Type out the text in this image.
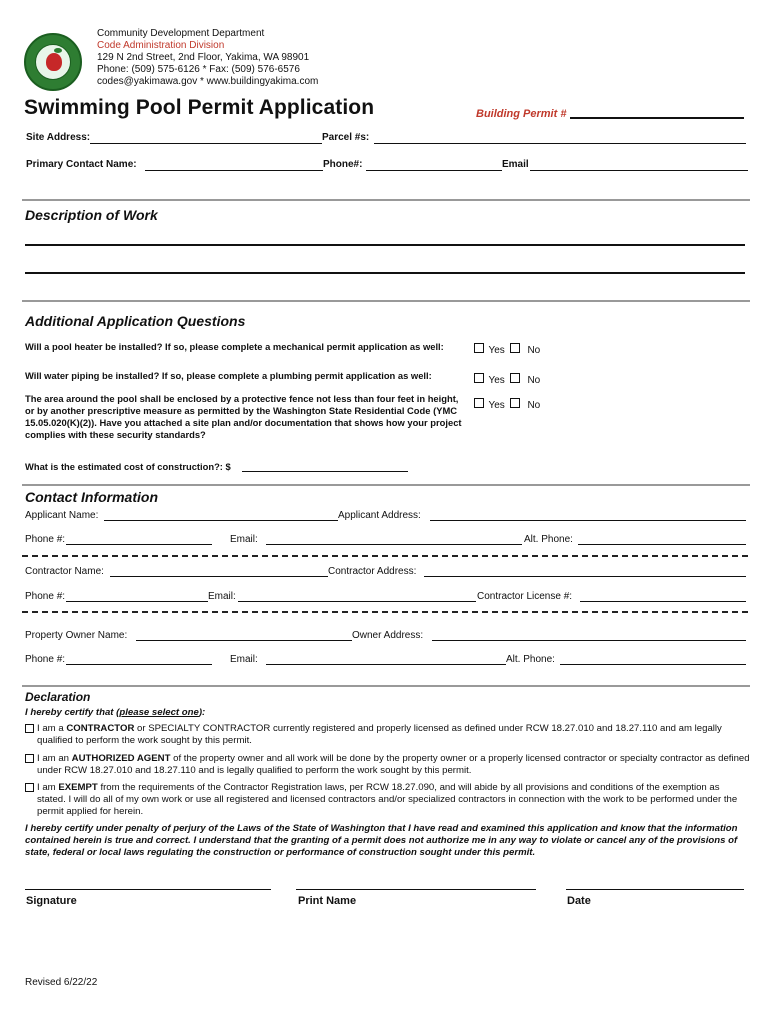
Community Development Department
Code Administration Division
129 N 2nd Street, 2nd Floor, Yakima, WA 98901
Phone: (509) 575-6126 * Fax: (509) 576-6576
codes@yakimawa.gov * www.buildingyakima.com
Swimming Pool Permit Application	Building Permit #
Site Address:	Parcel #s:
Primary Contact Name:	Phone#:	Email
Description of Work
Additional Application Questions
Will a pool heater be installed? If so, please complete a mechanical permit application as well:	Yes	No
Will water piping be installed? If so, please complete a plumbing permit application as well:	Yes	No
The area around the pool shall be enclosed by a protective fence not less than four feet in height, or by another prescriptive measure as permitted by the Washington State Residential Code (YMC 15.05.020(K)(2)). Have you attached a site plan and/or documentation that shows how your project complies with these security standards?
Yes	No
What is the estimated cost of construction?: $
Contact Information
Applicant Name:	Applicant Address:
Phone #:	Email:	Alt. Phone:
Contractor Name:	Contractor Address:
Phone #:	Email:	Contractor License #:
Property Owner Name:	Owner Address:
Phone #:	Email:	Alt. Phone:
Declaration
I hereby certify that (please select one):
I am a CONTRACTOR or SPECIALTY CONTRACTOR currently registered and properly licensed as defined under RCW 18.27.010 and 18.27.110 and am legally qualified to perform the work sought by this permit.
I am an AUTHORIZED AGENT of the property owner and all work will be done by the property owner or a properly licensed contractor or specialty contractor as defined under RCW 18.27.010 and 18.27.110 and is legally qualified to perform the work sought by this permit.
I am EXEMPT from the requirements of the Contractor Registration laws, per RCW 18.27.090, and will abide by all provisions and conditions of the exemption as stated. I will do all of my own work or use all registered and licensed contractors and/or specialized contractors in connection with the work to be performed under the permit applied for herein.
I hereby certify under penalty of perjury of the Laws of the State of Washington that I have read and examined this application and know that the information contained herein is true and correct. I understand that the granting of a permit does not authorize me in any way to violate or cancel any of the provisions of state, federal or local laws regulating the construction or performance of construction sought under this permit.
Signature	Print Name	Date
Revised 6/22/22
